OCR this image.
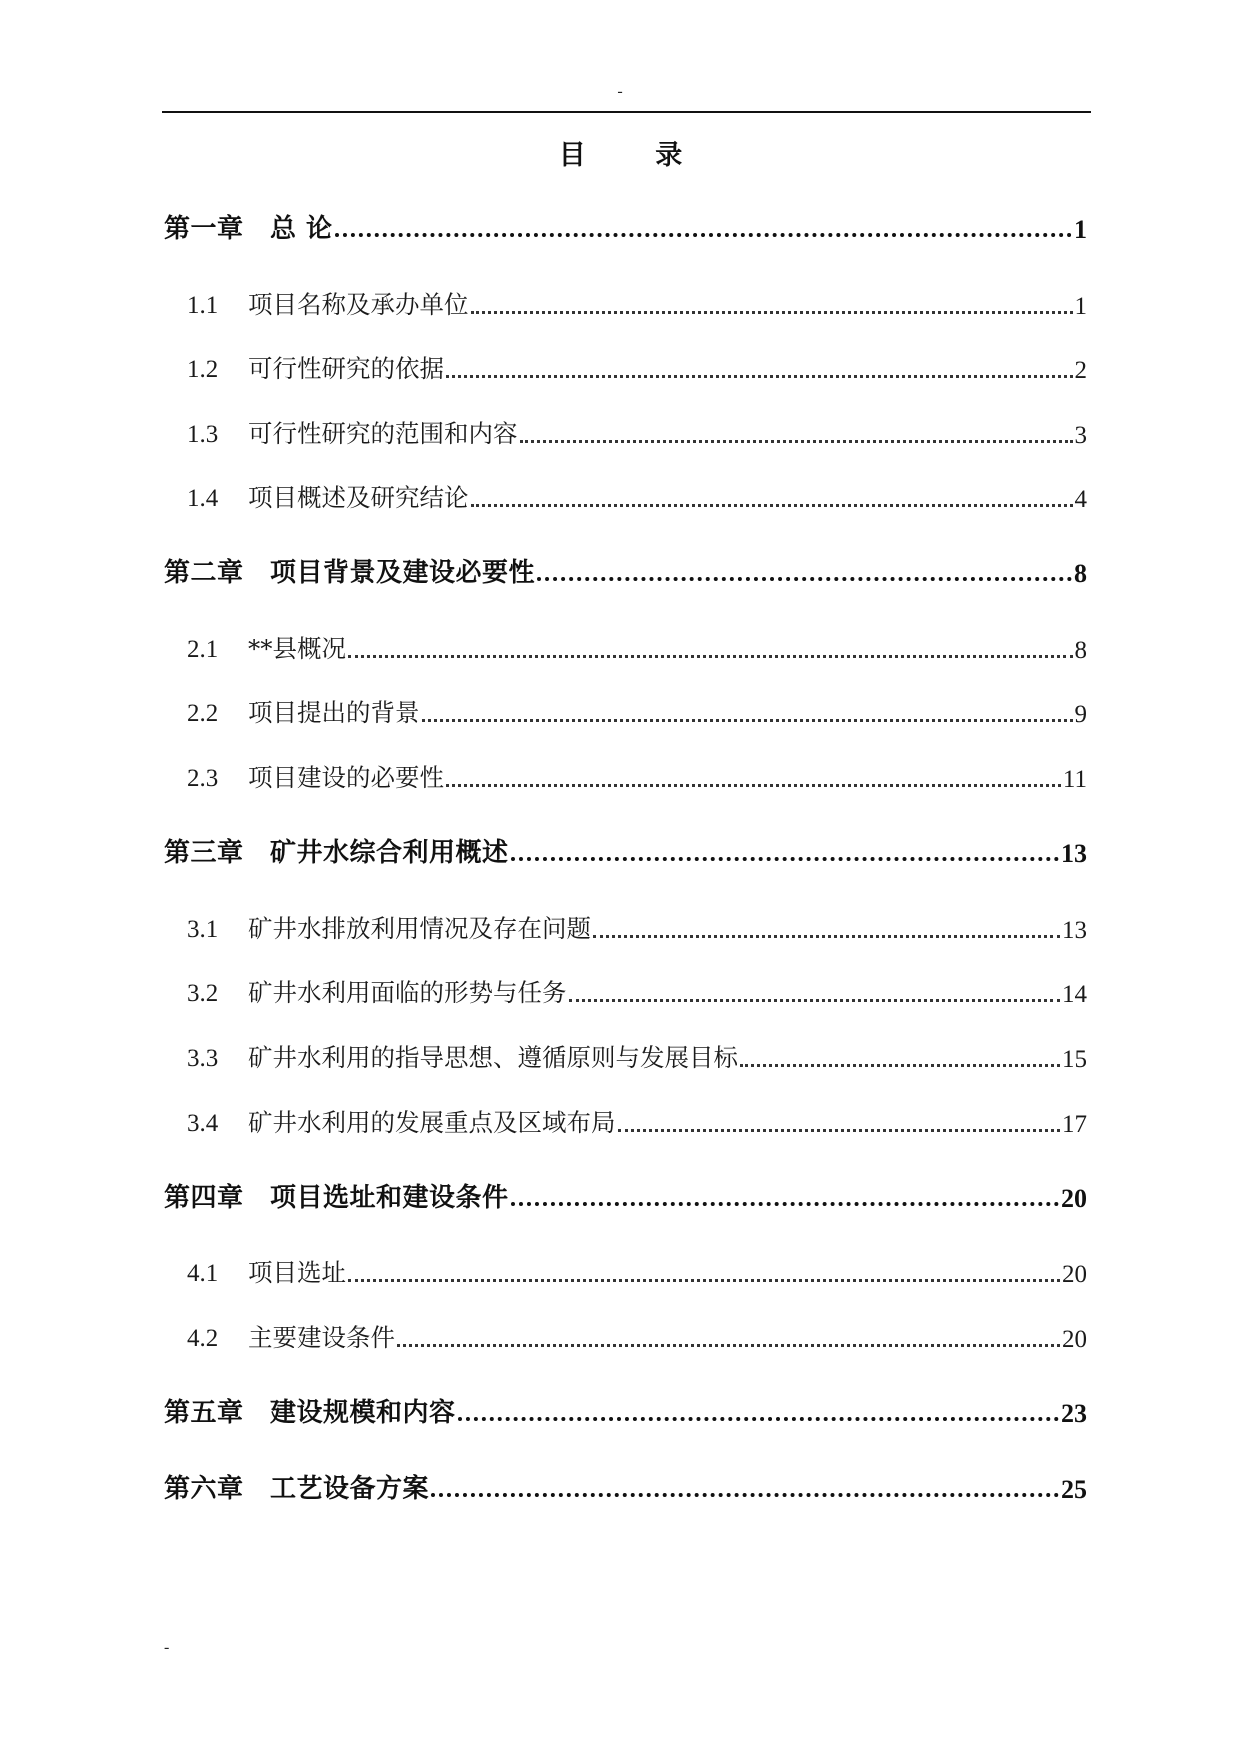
-
目 录
第一章　总 论	1
1.1 项目名称及承办单位	1
1.2 可行性研究的依据	2
1.3 可行性研究的范围和内容	3
1.4 项目概述及研究结论	4
第二章　项目背景及建设必要性	8
2.1 **县概况	8
2.2 项目提出的背景	9
2.3 项目建设的必要性	11
第三章　矿井水综合利用概述	13
3.1 矿井水排放利用情况及存在问题	13
3.2 矿井水利用面临的形势与任务	14
3.3 矿井水利用的指导思想、遵循原则与发展目标	15
3.4 矿井水利用的发展重点及区域布局	17
第四章　项目选址和建设条件	20
4.1 项目选址	20
4.2 主要建设条件	20
第五章　建设规模和内容	23
第六章　工艺设备方案	25
-
